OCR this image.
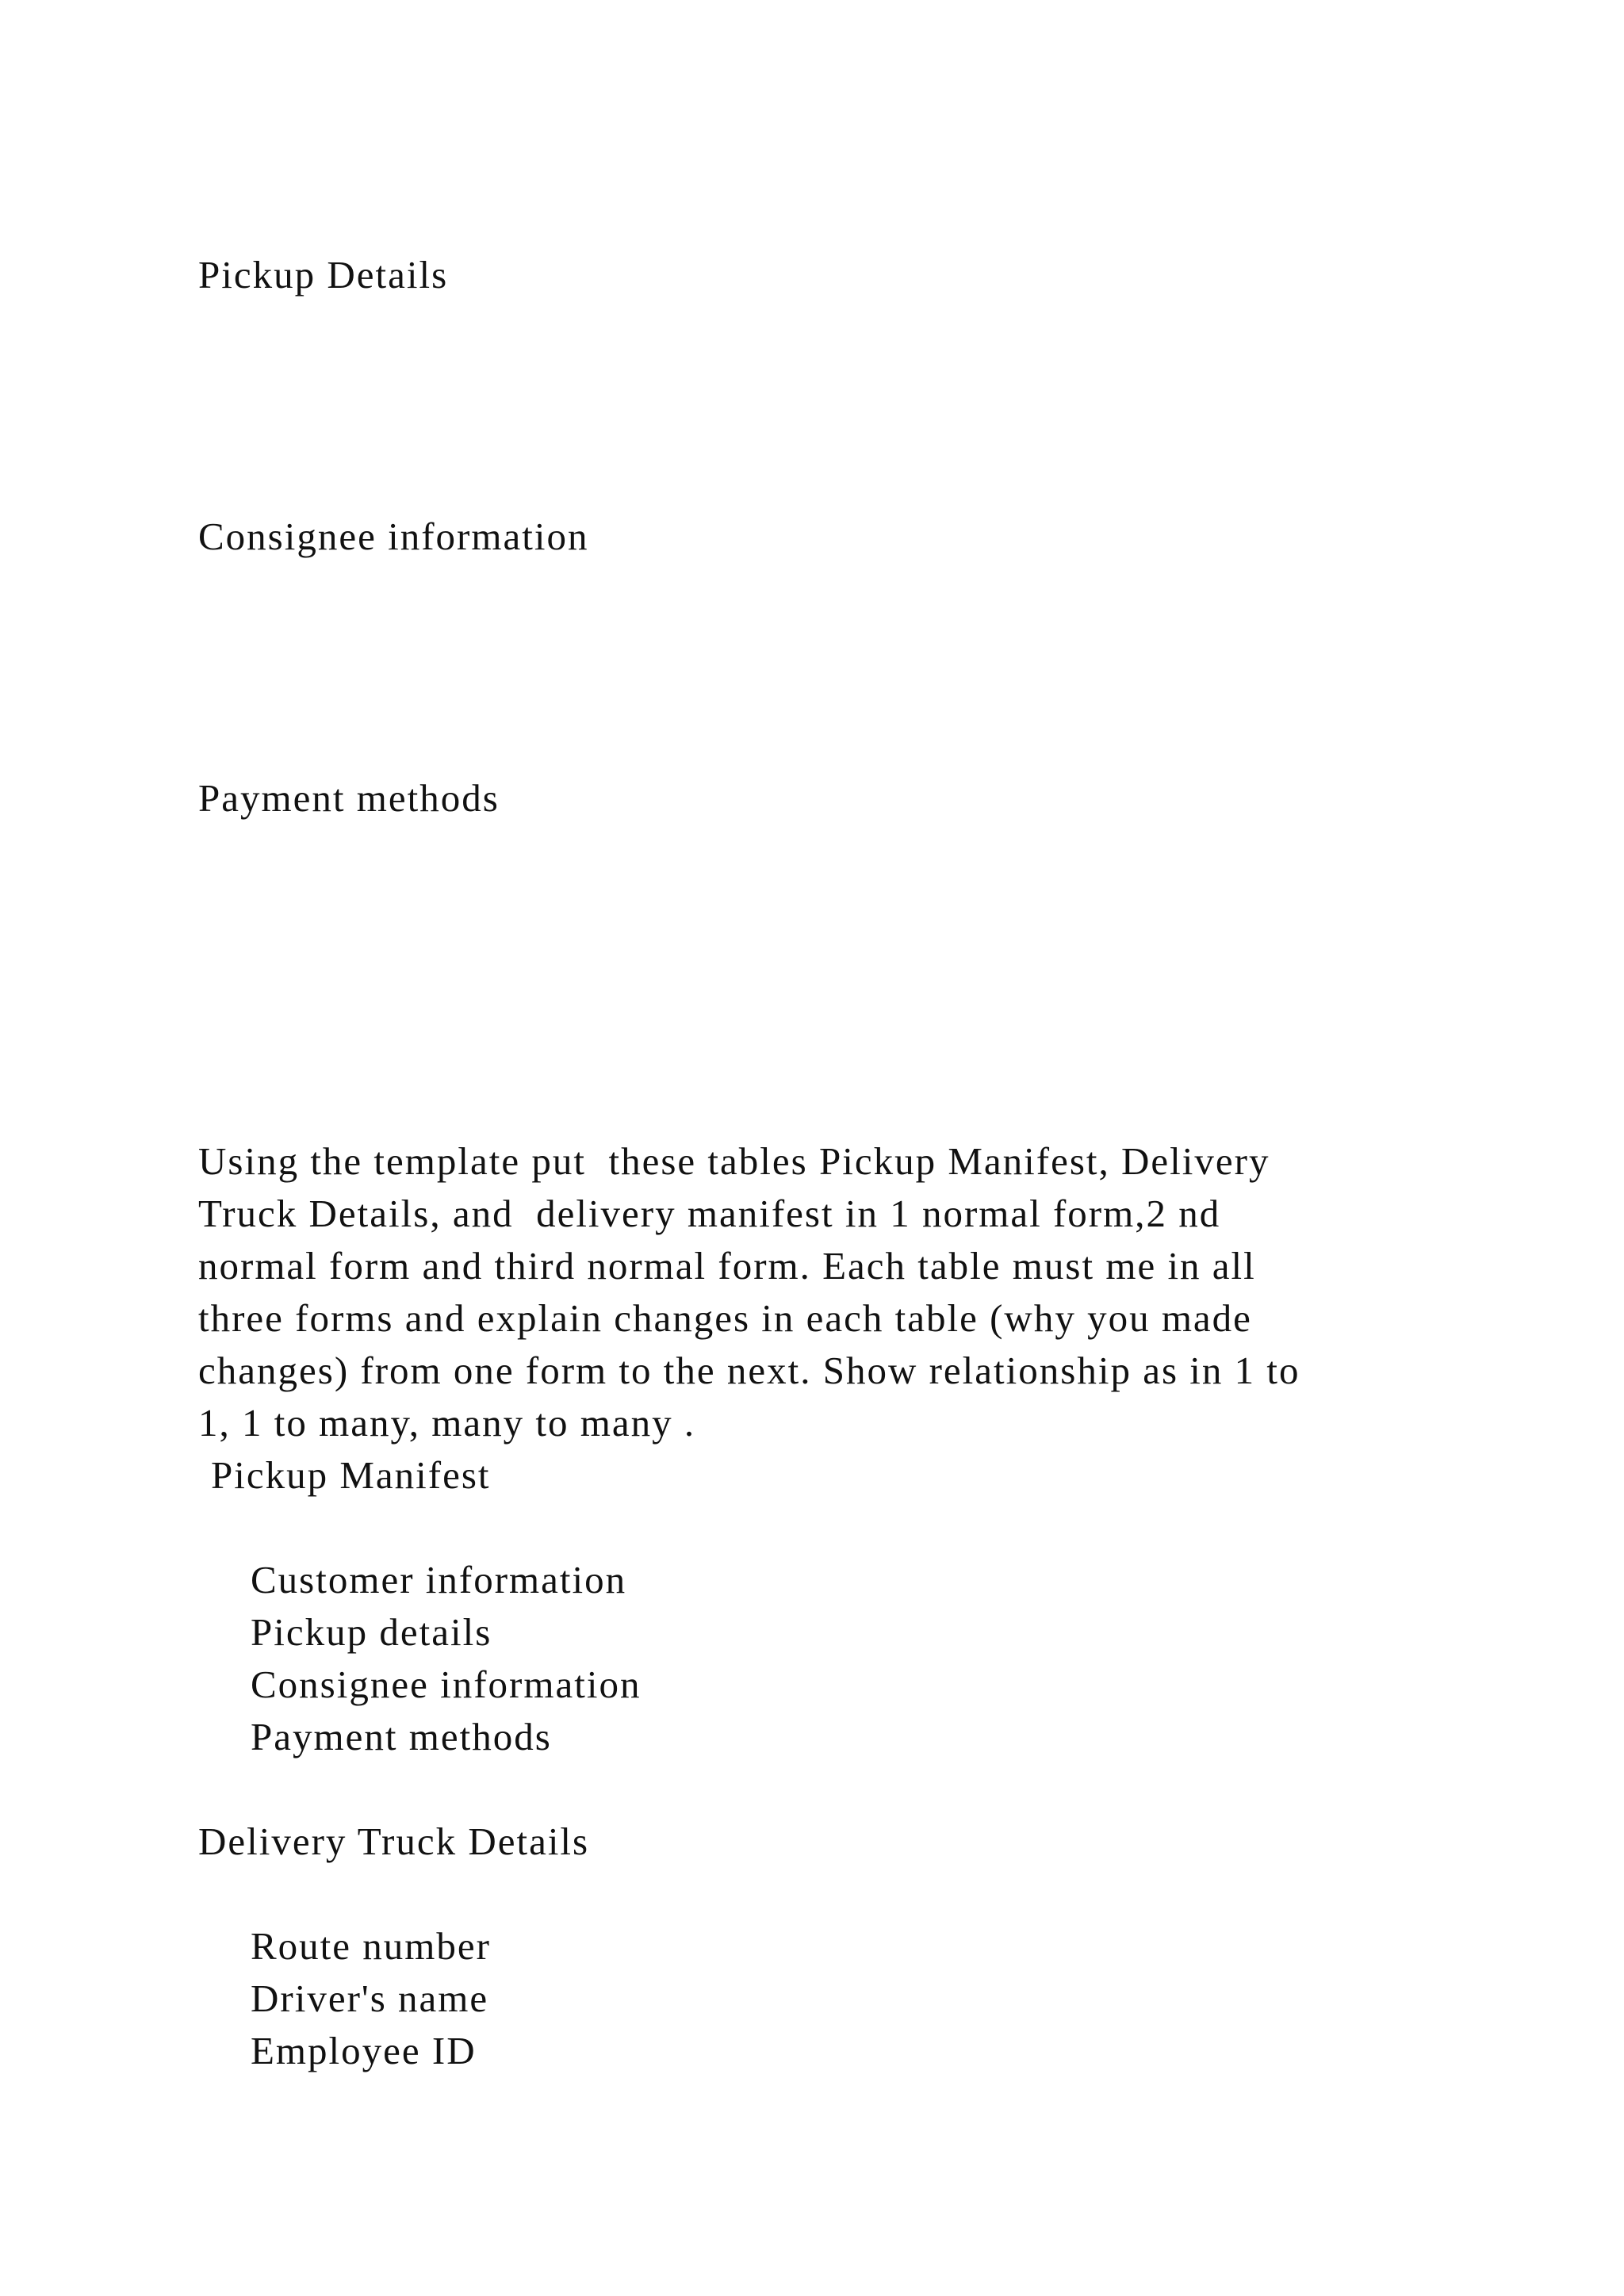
Pickup Details

Consignee information

Payment methods

Using the template put  these tables Pickup Manifest, Delivery
Truck Details, and  delivery manifest in 1 normal form,2 nd
normal form and third normal form. Each table must me in all
three forms and explain changes in each table (why you made
changes) from one form to the next. Show relationship as in 1 to
1, 1 to many, many to many .

Pickup Manifest

Customer information

Pickup details

Consignee information

Payment methods

Delivery Truck Details

Route number

Driver's name

Employee ID
